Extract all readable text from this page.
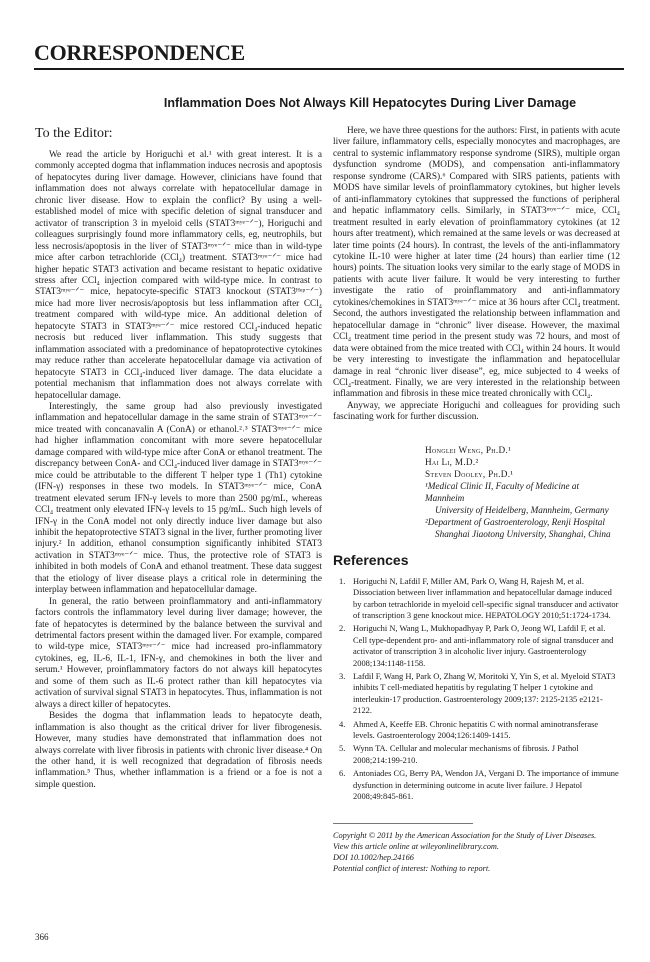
CORRESPONDENCE
Inflammation Does Not Always Kill Hepatocytes During Liver Damage
To the Editor:

We read the article by Horiguchi et al.¹ with great interest. It is a commonly accepted dogma that inflammation induces necrosis and apoptosis of hepatocytes during liver damage. However, clinicians have found that inflammation does not always correlate with hepatocellular damage in chronic liver disease. How to explain the conflict? By using a well-established model of mice with specific deletion of signal transducer and activator of transcription 3 in myeloid cells (STAT3ᵐʸᵉ⁻ᐟ⁻), Horiguchi and colleagues surprisingly found more inflammatory cells, eg, neutrophils, but less necrosis/apoptosis in the liver of STAT3ᵐʸᵉ⁻ᐟ⁻ mice than in wild-type mice after carbon tetrachloride (CCl₄) treatment. STAT3ᵐʸᵉ⁻ᐟ⁻ mice had higher hepatic STAT3 activation and became resistant to hepatic oxidative stress after CCl₄ injection compared with wild-type mice. In contrast to STAT3ᵐʸᵉ⁻ᐟ⁻ mice, hepatocyte-specific STAT3 knockout (STAT3ᴴᵉᵖ⁻ᐟ⁻) mice had more liver necrosis/apoptosis but less inflammation after CCl₄ treatment compared with wild-type mice. An additional deletion of hepatocyte STAT3 in STAT3ᵐʸᵉ⁻ᐟ⁻ mice restored CCl₄-induced hepatic necrosis but reduced liver inflammation. This study suggests that inflammation associated with a predominance of hepatoprotective cytokines may reduce rather than accelerate hepatocellular damage via activation of hepatocyte STAT3 in CCl₄-induced liver damage. The data elucidate a potential mechanism that inflammation does not always correlate with hepatocellular damage.

Interestingly, the same group had also previously investigated inflammation and hepatocellular damage in the same strain of STAT3ᵐʸᵉ⁻ᐟ⁻ mice treated with concanavalin A (ConA) or ethanol.²˒³ STAT3ᵐʸᵉ⁻ᐟ⁻ mice had higher inflammation concomitant with more severe hepatocellular damage compared with wild-type mice after ConA or ethanol treatment. The discrepancy between ConA- and CCl₄-induced liver damage in STAT3ᵐʸᵉ⁻ᐟ⁻ mice could be attributable to the different T helper type 1 (Th1) cytokine (IFN-γ) responses in these two models. In STAT3ᵐʸᵉ⁻ᐟ⁻ mice, ConA treatment elevated serum IFN-γ levels to more than 2500 pg/mL, whereas CCl₄ treatment only elevated IFN-γ levels to 15 pg/mL. Such high levels of IFN-γ in the ConA model not only directly induce liver damage but also inhibit the hepatoprotective STAT3 signal in the liver, further promoting liver injury.² In addition, ethanol consumption significantly inhibited STAT3 activation in STAT3ᵐʸᵉ⁻ᐟ⁻ mice. Thus, the protective role of STAT3 is inhibited in both models of ConA and ethanol treatment. These data suggest that the etiology of liver disease plays a critical role in determining the interplay between inflammation and hepatocellular damage.

In general, the ratio between proinflammatory and anti-inflammatory factors controls the inflammatory level during liver damage; however, the fate of hepatocytes is determined by the balance between the survival and detrimental factors present within the damaged liver. For example, compared to wild-type mice, STAT3ᵐʸᵉ⁻ᐟ⁻ mice had increased pro-inflammatory cytokines, eg, IL-6, IL-1, IFN-γ, and chemokines in both the liver and serum.¹ However, proinflammatory factors do not always kill hepatocytes and some of them such as IL-6 protect rather than kill hepatocytes via activation of survival signal STAT3 in hepatocytes. Thus, inflammation is not always a direct killer of hepatocytes.

Besides the dogma that inflammation leads to hepatocyte death, inflammation is also thought as the critical driver for liver fibrogenesis. However, many studies have demonstrated that inflammation does not always correlate with liver fibrosis in patients with chronic liver disease.⁴ On the other hand, it is well recognized that degradation of fibrosis needs inflammation.⁵ Thus, whether inflammation is a friend or a foe is not a simple question.

Here, we have three questions for the authors: First, in patients with acute liver failure, inflammatory cells, especially monocytes and macrophages, are central to systemic inflammatory response syndrome (SIRS), multiple organ dysfunction syndrome (MODS), and compensation anti-inflammatory response syndrome (CARS).⁶ Compared with SIRS patients, patients with MODS have similar levels of proinflammatory cytokines, but higher levels of anti-inflammatory cytokines that suppressed the functions of peripheral and hepatic inflammatory cells. Similarly, in STAT3ᵐʸᵉ⁻ᐟ⁻ mice, CCl₄ treatment resulted in early elevation of proinflammatory cytokines (at 12 hours after treatment), which remained at the same levels or was decreased at later time points (24 hours). In contrast, the levels of the anti-inflammatory cytokine IL-10 were higher at later time (24 hours) than earlier time (12 hours) points. The situation looks very similar to the early stage of MODS in patients with acute liver failure. It would be very interesting to further investigate the ratio of proinflammatory and anti-inflammatory cytokines/chemokines in STAT3ᵐʸᵉ⁻ᐟ⁻ mice at 36 hours after CCl₄ treatment. Second, the authors investigated the relationship between inflammation and hepatocellular damage in “chronic” liver disease. However, the maximal CCl₄ treatment time period in the present study was 72 hours, and most of data were obtained from the mice treated with CCl₄ within 24 hours. It would be very interesting to investigate the inflammation and hepatocellular damage in real “chronic liver disease”, eg, mice subjected to 4 weeks of CCl₄-treatment. Finally, we are very interested in the relationship between inflammation and fibrosis in these mice treated chronically with CCl₄.

Anyway, we appreciate Horiguchi and colleagues for providing such fascinating work for further discussion.

Honglei Weng, Ph.D.¹
Hai Li, M.D.²
Steven Dooley, Ph.D.¹
¹Medical Clinic II, Faculty of Medicine at Mannheim
University of Heidelberg, Mannheim, Germany
²Department of Gastroenterology, Renji Hospital
Shanghai Jiaotong University, Shanghai, China
References
1. Horiguchi N, Lafdil F, Miller AM, Park O, Wang H, Rajesh M, et al. Dissociation between liver inflammation and hepatocellular damage induced by carbon tetrachloride in myeloid cell-specific signal transducer and activator of transcription 3 gene knockout mice. HEPATOLOGY 2010;51:1724-1734.
2. Horiguchi N, Wang L, Mukhopadhyay P, Park O, Jeong WI, Lafdil F, et al. Cell type-dependent pro- and anti-inflammatory role of signal transducer and activator of transcription 3 in alcoholic liver injury. Gastroenterology 2008;134:1148-1158.
3. Lafdil F, Wang H, Park O, Zhang W, Moritoki Y, Yin S, et al. Myeloid STAT3 inhibits T cell-mediated hepatitis by regulating T helper 1 cytokine and interleukin-17 production. Gastroenterology 2009;137: 2125-2135 e2121-2122.
4. Ahmed A, Keeffe EB. Chronic hepatitis C with normal aminotransferase levels. Gastroenterology 2004;126:1409-1415.
5. Wynn TA. Cellular and molecular mechanisms of fibrosis. J Pathol 2008;214:199-210.
6. Antoniades CG, Berry PA, Wendon JA, Vergani D. The importance of immune dysfunction in determining outcome in acute liver failure. J Hepatol 2008;49:845-861.
Copyright © 2011 by the American Association for the Study of Liver Diseases.
View this article online at wileyonlinelibrary.com.
DOI 10.1002/hep.24166
Potential conflict of interest: Nothing to report.
366
